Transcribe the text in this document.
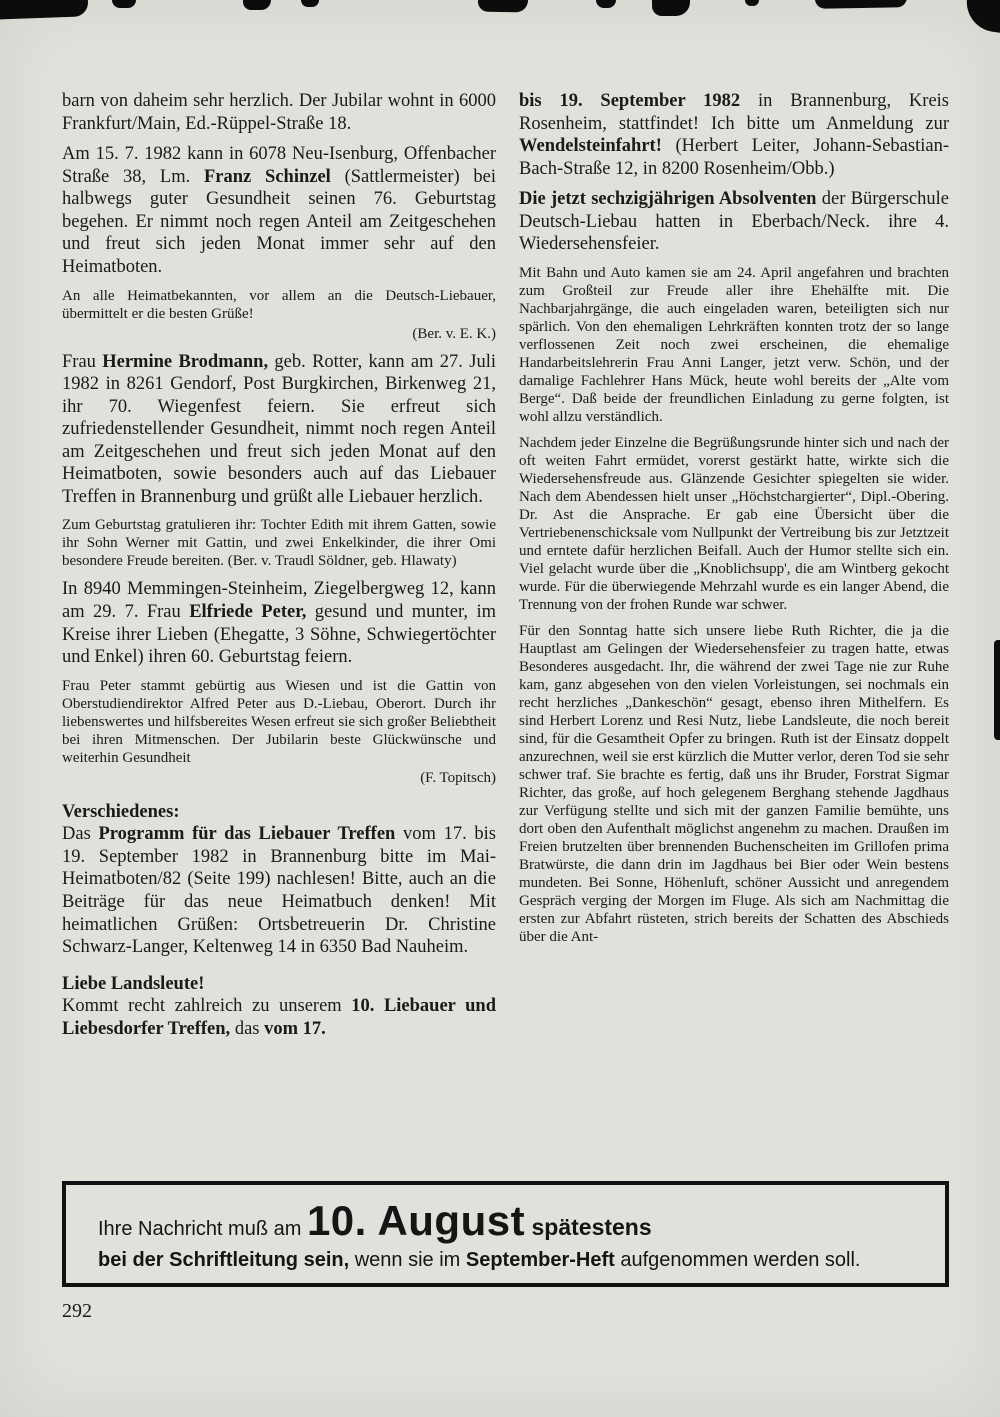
barn von daheim sehr herzlich. Der Jubilar wohnt in 6000 Frankfurt/Main, Ed.-Rüppel-Straße 18.

Am 15. 7. 1982 kann in 6078 Neu-Isenburg, Offenbacher Straße 38, Lm. Franz Schinzel (Sattlermeister) bei halbwegs guter Gesundheit seinen 76. Geburtstag begehen. Er nimmt noch regen Anteil am Zeitgeschehen und freut sich jeden Monat immer sehr auf den Heimatboten.

An alle Heimatbekannten, vor allem an die Deutsch-Liebauer, übermittelt er die besten Grüße!

(Ber. v. E. K.)

Frau Hermine Brodmann, geb. Rotter, kann am 27. Juli 1982 in 8261 Gendorf, Post Burgkirchen, Birkenweg 21, ihr 70. Wiegenfest feiern. Sie erfreut sich zufriedenstellender Gesundheit, nimmt noch regen Anteil am Zeitgeschehen und freut sich jeden Monat auf den Heimatboten, sowie besonders auch auf das Liebauer Treffen in Brannenburg und grüßt alle Liebauer herzlich.

Zum Geburtstag gratulieren ihr: Tochter Edith mit ihrem Gatten, sowie ihr Sohn Werner mit Gattin, und zwei Enkelkinder, die ihrer Omi besondere Freude bereiten. (Ber. v. Traudl Söldner, geb. Hlawaty)

In 8940 Memmingen-Steinheim, Ziegelbergweg 12, kann am 29. 7. Frau Elfriede Peter, gesund und munter, im Kreise ihrer Lieben (Ehegatte, 3 Söhne, Schwiegertöchter und Enkel) ihren 60. Geburtstag feiern.

Frau Peter stammt gebürtig aus Wiesen und ist die Gattin von Oberstudiendirektor Alfred Peter aus D.-Liebau, Oberort. Durch ihr liebenswertes und hilfsbereites Wesen erfreut sie sich großer Beliebtheit bei ihren Mitmenschen. Der Jubilarin beste Glückwünsche und weiterhin Gesundheit

(F. Topitsch)

Verschiedenes:

Das Programm für das Liebauer Treffen vom 17. bis 19. September 1982 in Brannenburg bitte im Mai-Heimatboten/82 (Seite 199) nachlesen! Bitte, auch an die Beiträge für das neue Heimatbuch denken! Mit heimatlichen Grüßen: Ortsbetreuerin Dr. Christine Schwarz-Langer, Keltenweg 14 in 6350 Bad Nauheim.

Liebe Landsleute!

Kommt recht zahlreich zu unserem 10. Liebauer und Liebesdorfer Treffen, das vom 17.

bis 19. September 1982 in Brannenburg, Kreis Rosenheim, stattfindet! Ich bitte um Anmeldung zur Wendelsteinfahrt! (Herbert Leiter, Johann-Sebastian-Bach-Straße 12, in 8200 Rosenheim/Obb.)

Die jetzt sechzigjährigen Absolventen der Bürgerschule Deutsch-Liebau hatten in Eberbach/Neck. ihre 4. Wiedersehensfeier.

Mit Bahn und Auto kamen sie am 24. April angefahren und brachten zum Großteil zur Freude aller ihre Ehehälfte mit. Die Nachbarjahrgänge, die auch eingeladen waren, beteiligten sich nur spärlich. Von den ehemaligen Lehrkräften konnten trotz der so lange verflossenen Zeit noch zwei erscheinen, die ehemalige Handarbeitslehrerin Frau Anni Langer, jetzt verw. Schön, und der damalige Fachlehrer Hans Mück, heute wohl bereits der „Alte vom Berge“. Daß beide der freundlichen Einladung zu gerne folgten, ist wohl allzu verständlich.

Nachdem jeder Einzelne die Begrüßungsrunde hinter sich und nach der oft weiten Fahrt ermüdet, vorerst gestärkt hatte, wirkte sich die Wiedersehensfreude aus. Glänzende Gesichter spiegelten sie wider. Nach dem Abendessen hielt unser „Höchstchargierter“, Dipl.-Obering. Dr. Ast die Ansprache. Er gab eine Übersicht über die Vertriebenenschicksale vom Nullpunkt der Vertreibung bis zur Jetztzeit und erntete dafür herzlichen Beifall. Auch der Humor stellte sich ein. Viel gelacht wurde über die „Knoblichsupp', die am Wintberg gekocht wurde. Für die überwiegende Mehrzahl wurde es ein langer Abend, die Trennung von der frohen Runde war schwer.

Für den Sonntag hatte sich unsere liebe Ruth Richter, die ja die Hauptlast am Gelingen der Wiedersehensfeier zu tragen hatte, etwas Besonderes ausgedacht. Ihr, die während der zwei Tage nie zur Ruhe kam, ganz abgesehen von den vielen Vorleistungen, sei nochmals ein recht herzliches „Dankeschön“ gesagt, ebenso ihren Mithelfern. Es sind Herbert Lorenz und Resi Nutz, liebe Landsleute, die noch bereit sind, für die Gesamtheit Opfer zu bringen. Ruth ist der Einsatz doppelt anzurechnen, weil sie erst kürzlich die Mutter verlor, deren Tod sie sehr schwer traf. Sie brachte es fertig, daß uns ihr Bruder, Forstrat Sigmar Richter, das große, auf hoch gelegenem Berghang stehende Jagdhaus zur Verfügung stellte und sich mit der ganzen Familie bemühte, uns dort oben den Aufenthalt möglichst angenehm zu machen. Draußen im Freien brutzelten über brennenden Buchenscheiten im Grillofen prima Bratwürste, die dann drin im Jagdhaus bei Bier oder Wein bestens mundeten. Bei Sonne, Höhenluft, schöner Aussicht und anregendem Gespräch verging der Morgen im Fluge. Als sich am Nachmittag die ersten zur Abfahrt rüsteten, strich bereits der Schatten des Abschieds über die Ant-

Ihre Nachricht muß am 10. August spätestens
bei der Schriftleitung sein, wenn sie im September-Heft aufgenommen werden soll.
292
